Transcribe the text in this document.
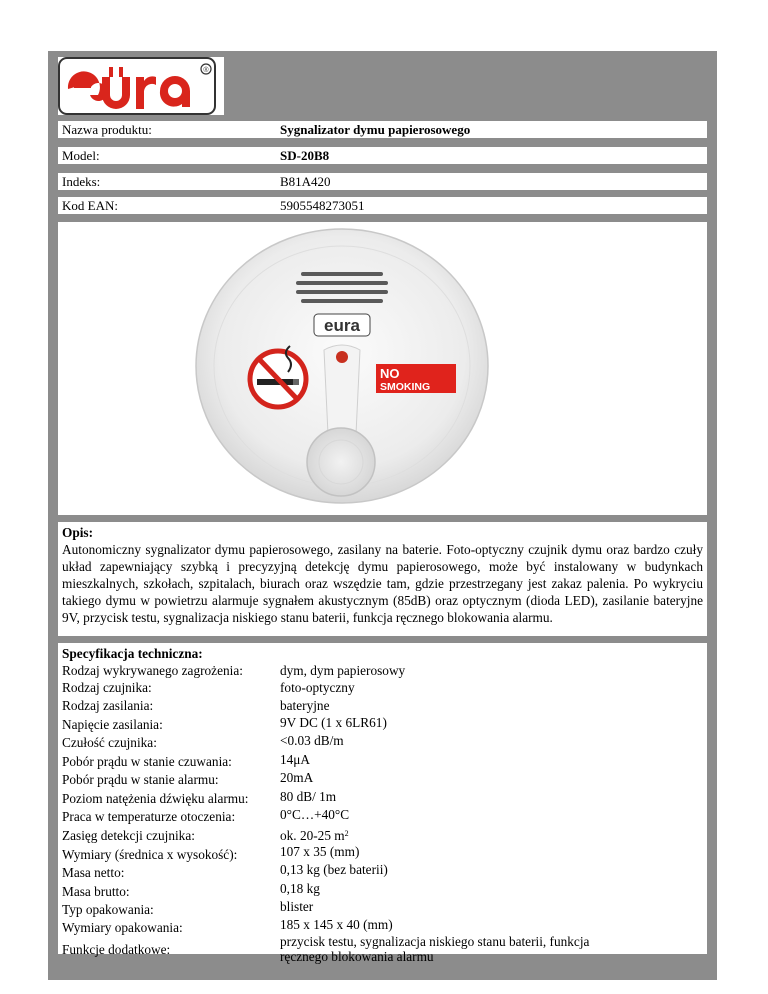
®
Nazwa produktu:	Sygnalizator dymu papierosowego
Model:	SD-20B8
Indeks:	B81A420
Kod EAN:	5905548273051
eura
NO
SMOKING
Opis:
Autonomiczny sygnalizator dymu papierosowego, zasilany na baterie. Foto-optyczny czujnik dymu oraz bardzo czuły układ zapewniający szybką i precyzyjną detekcję dymu papierosowego, może być instalowany w budynkach mieszkalnych, szkołach, szpitalach, biurach oraz wszędzie tam, gdzie przestrzegany jest zakaz palenia. Po wykryciu takiego dymu w powietrzu alarmuje sygnałem akustycznym (85dB) oraz optycznym (dioda LED), zasilanie bateryjne 9V, przycisk testu, sygnalizacja niskiego stanu baterii, funkcja ręcznego blokowania alarmu.
Specyfikacja techniczna:
Rodzaj wykrywanego zagrożenia:	dym, dym papierosowy
Rodzaj czujnika:	foto-optyczny
Rodzaj zasilania:	bateryjne
Napięcie zasilania:	9V DC (1 x 6LR61)
Czułość czujnika:	<0.03 dB/m
Pobór prądu w stanie czuwania:	14μA
Pobór prądu w stanie alarmu:	20mA
Poziom natężenia dźwięku alarmu: 80 dB/ 1m
Praca w temperaturze otoczenia:	0°C…+40°C
Zasięg detekcji czujnika:	ok. 20-25 $m^2$
Wymiary (średnica x wysokość):	107 x 35 (mm)
Masa netto:	0,13 kg (bez baterii)
Masa brutto:	0,18 kg
Typ opakowania:	blister
Wymiary opakowania:	185 x 145 x 40 (mm)
Funkcje dodatkowe:
przycisk testu, sygnalizacja niskiego stanu baterii, funkcja
ręcznego blokowania alarmu
